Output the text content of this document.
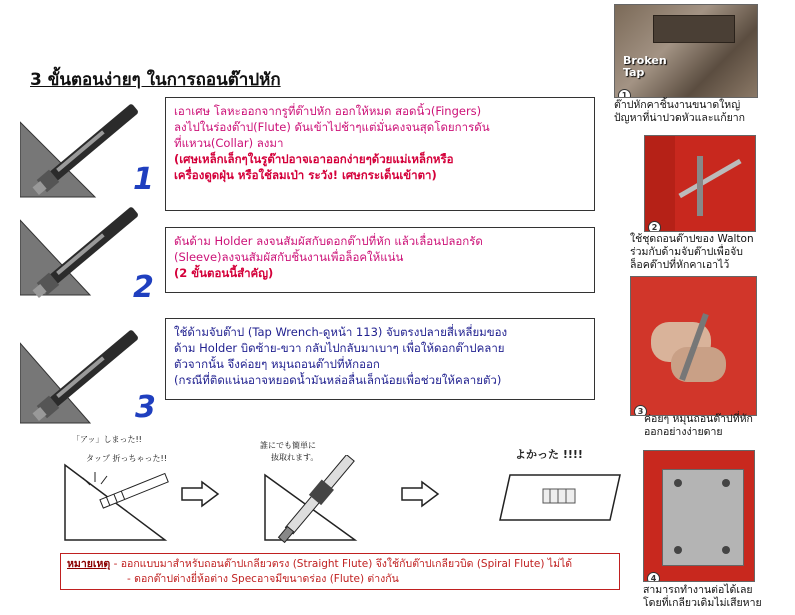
3 ขั้นตอนง่ายๆ ในการถอนต๊าปหัก
1
2
3
เอาเศษ โลหะออกจากรูที่ต๊าปหัก ออกให้หมด สอดนิ้ว(Fingers)
ลงไปในร่องต๊าป(Flute) ดันเข้าไปช้าๆแต่มั่นคงจนสุดโดยการดัน
ที่แหวน(Collar) ลงมา
(เศษเหล็กเล็กๆในรูต๊าปอาจเอาออกง่ายๆด้วยแม่เหล็กหรือ
เครื่องดูดฝุ่น หรือใช้ลมเป่า ระวัง! เศษกระเด็นเข้าตา)
ดันด้าม Holder ลงจนสัมผัสกับดอกต๊าปที่หัก แล้วเลื่อนปลอกรัด
(Sleeve)ลงจนสัมผัสกับชิ้นงานเพื่อล็อคให้แน่น
(2 ขั้นตอนนี้สำคัญ)
ใช้ด้ามจับต๊าป (Tap Wrench-ดูหน้า 113) จับตรงปลายสี่เหลี่ยมของ
ด้าม Holder บิดซ้าย-ขวา กลับไปกลับมาเบาๆ เพื่อให้ดอกต๊าปคลาย
ตัวจากนั้น จึงค่อยๆ หมุนถอนต๊าปที่หักออก
(กรณีที่ติดแน่นอาจหยอดน้ำมันหล่อลื่นเล็กน้อยเพื่อช่วยให้คลายตัว)
「アッ」しまった!!
タップ 折っちゃった!!
誰にでも簡単に
抜取れます。	よかった !!!!
หมายเหตุ - ออกแบบมาสำหรับถอนต๊าปเกลียวตรง (Straight Flute) จึงใช้กับต๊าปเกลียวบิด (Spiral Flute) ไม่ได้
- ดอกต๊าปต่างยี่ห้อต่าง Specอาจมีขนาดร่อง (Flute) ต่างกัน
Broken Tap
1
ต๊าปหักคาชิ้นงานขนาดใหญ่
ปัญหาที่น่าปวดหัวและแก้ยาก
2
ใช้ชุดถอนต๊าปของ Walton
ร่วมกับด้ามจับต๊าปเพื่อจับ
ล็อคต๊าปที่หักคาเอาไว้
3
ค่อยๆ หมุนถอนต๊าปที่หัก
ออกอย่างง่ายดาย
4
สามารถทำงานต่อได้เลย
โดยที่เกลียวเดิมไม่เสียหาย
